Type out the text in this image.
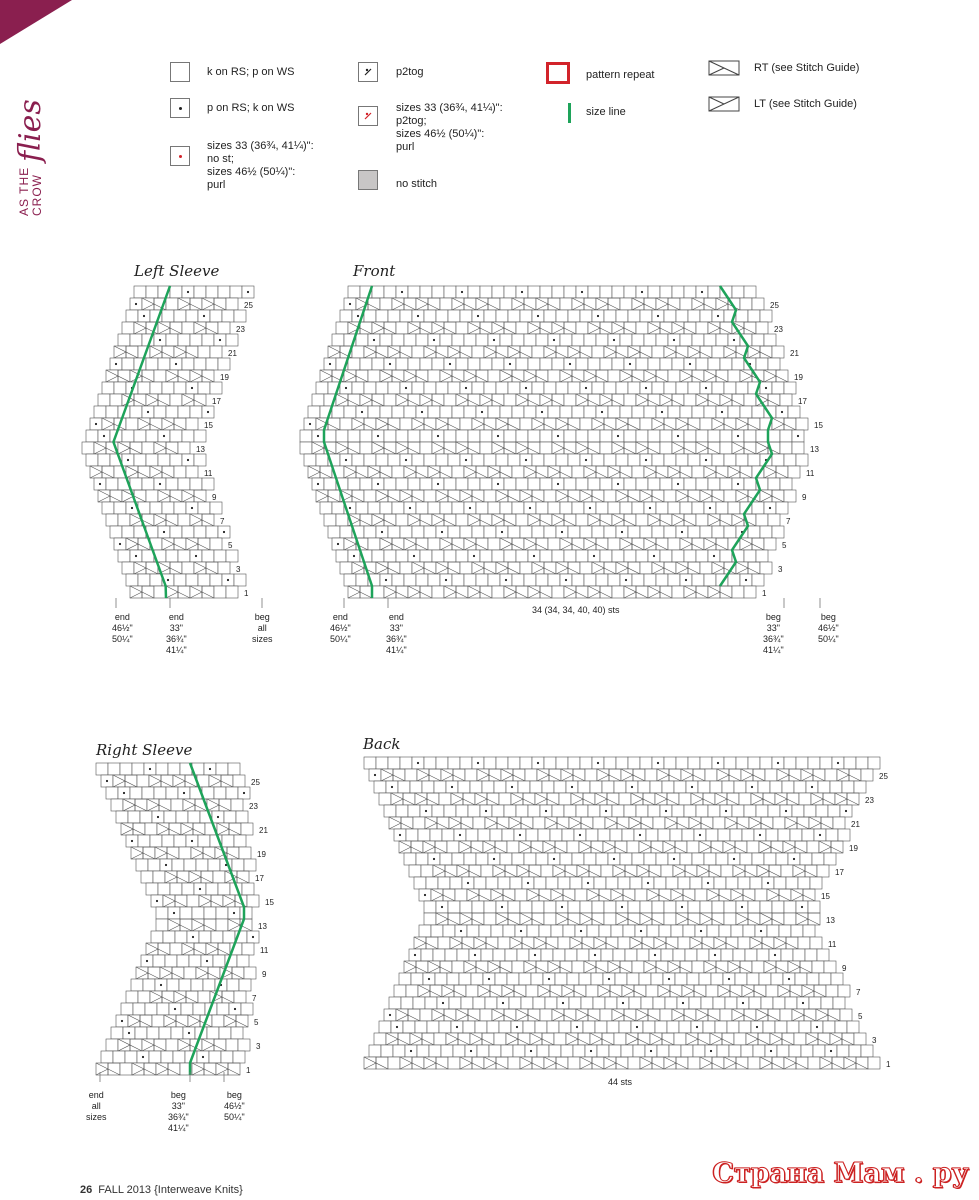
AS THE CROW
flies
k on RS; p on WS
p on RS; k on WS
sizes 33 (36¾, 41¼)":
no st;
sizes 46½ (50¼)":
purl
p2tog
sizes 33 (36¾, 41¼)":
p2tog;
sizes 46½ (50¼)":
purl
no stitch
pattern repeat
size line
RT (see Stitch Guide)
LT (see Stitch Guide)
Left Sleeve	Front
Right Sleeve	Back
1
3
5
7
9
11
13
15
17
19
21
23
25
1
3
5
7
9
11
13
15
17
19
21
23
25
1
3
5
7
9
11
13
15
17
19
21
23
25
1
3
5
7
9
11
13
15
17
19
21
23
25
end
46½"
50¼"
end
33"
36¾"
41¼"
beg
all
sizes
end
46½"
50¼"
end
33"
36¾"
41¼"
34 (34, 34, 40, 40) sts
beg
33"
36¾"
41¼"
beg
46½"
50¼"
end
all
sizes
beg
33"
36¾"
41¼"
beg
46½"
50¼"
44 sts
26 FALL 2013 {Interweave Knits}
Страна Мам . ру
